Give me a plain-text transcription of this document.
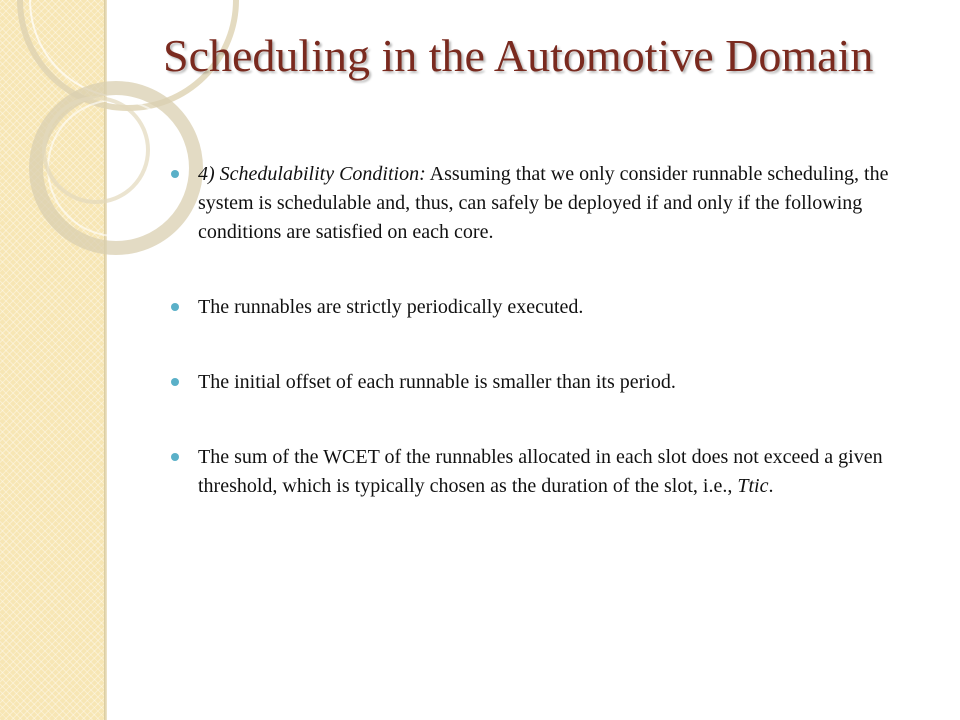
Scheduling in the Automotive Domain
4) Schedulability Condition: Assuming that we only consider runnable scheduling, the system is schedulable and, thus, can safely be deployed if and only if the following conditions are satisfied on each core.
The runnables are strictly periodically executed.
The initial offset of each runnable is smaller than its period.
The sum of the WCET of the runnables allocated in each slot does not exceed a given threshold, which is typically chosen as the duration of the slot, i.e., Ttic.
